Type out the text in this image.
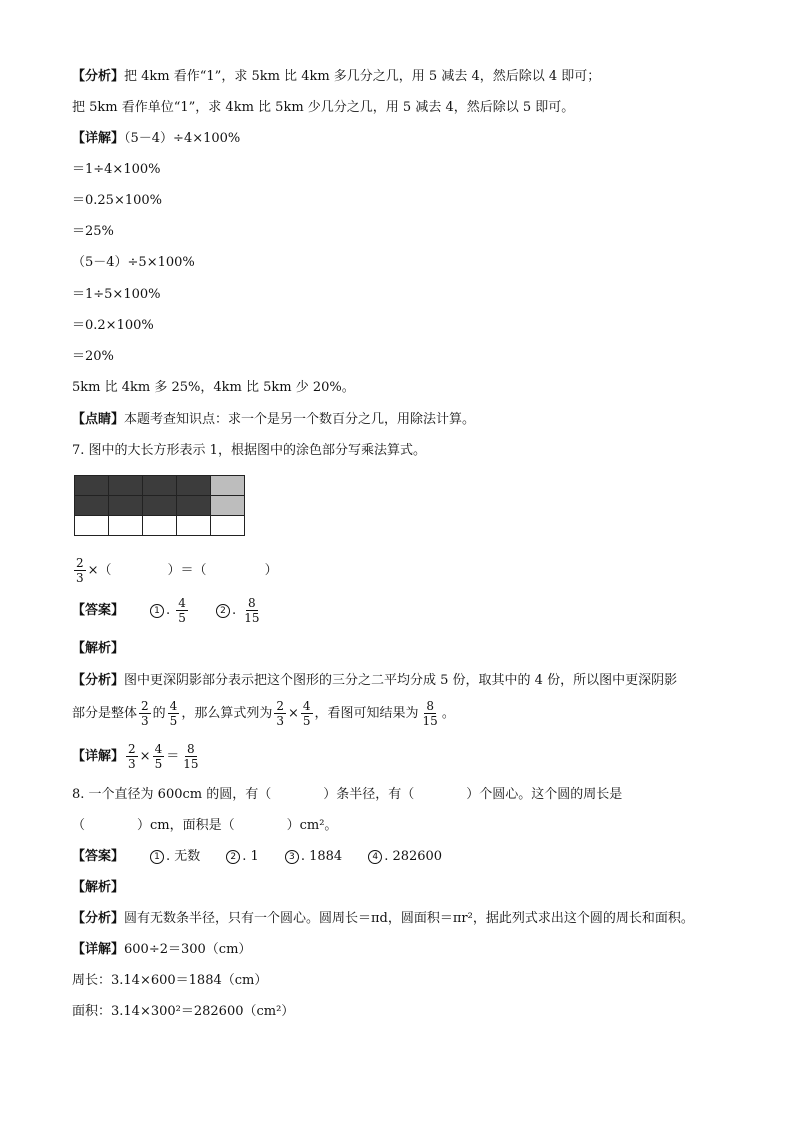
【分析】把 4km 看作“1”，求 5km 比 4km 多几分之几，用 5 减去 4，然后除以 4 即可；
把 5km 看作单位“1”，求 4km 比 5km 少几分之几，用 5 减去 4，然后除以 5 即可。
【详解】（5－4）÷4×100%
＝1÷4×100%
＝0.25×100%
＝25%
（5－4）÷5×100%
＝1÷5×100%
＝0.2×100%
＝20%
5km 比 4km 多 25%，4km 比 5km 少 20%。
【点睛】本题考查知识点：求一个是另一个数百分之几，用除法计算。
7. 图中的大长方形表示 1，根据图中的涂色部分写乘法算式。

$\frac{2}{3}$ ×（	）＝（	）
【答案】	1 . $\frac{4}{5}$	2 . $\frac{8}{15}$
【解析】
【分析】图中更深阴影部分表示把这个图形的三分之二平均分成 5 份，取其中的 4 份，所以图中更深阴影
部分是整体 $\frac{2}{3}$ 的 $\frac{4}{5}$ ，那么算式列为 $\frac{2}{3} \times \frac{4}{5}$ ，看图可知结果为 $\frac{8}{15}$ 。
【详解】 $\frac{2}{3} \times \frac{4}{5} = \frac{8}{15}$
8. 一个直径为 600cm 的圆，有（　　　　）条半径，有（　　　　）个圆心。这个圆的周长是
（　　　　）cm，面积是（　　　　）cm²。
【答案】	1 . 无数	2 . 1	3 . 1884	4 . 282600
【解析】
【分析】圆有无数条半径，只有一个圆心。圆周长＝πd，圆面积＝πr²，据此列式求出这个圆的周长和面积。
【详解】600÷2＝300（cm）
周长：3.14×600＝1884（cm）
面积：3.14×300²＝282600（cm²）
